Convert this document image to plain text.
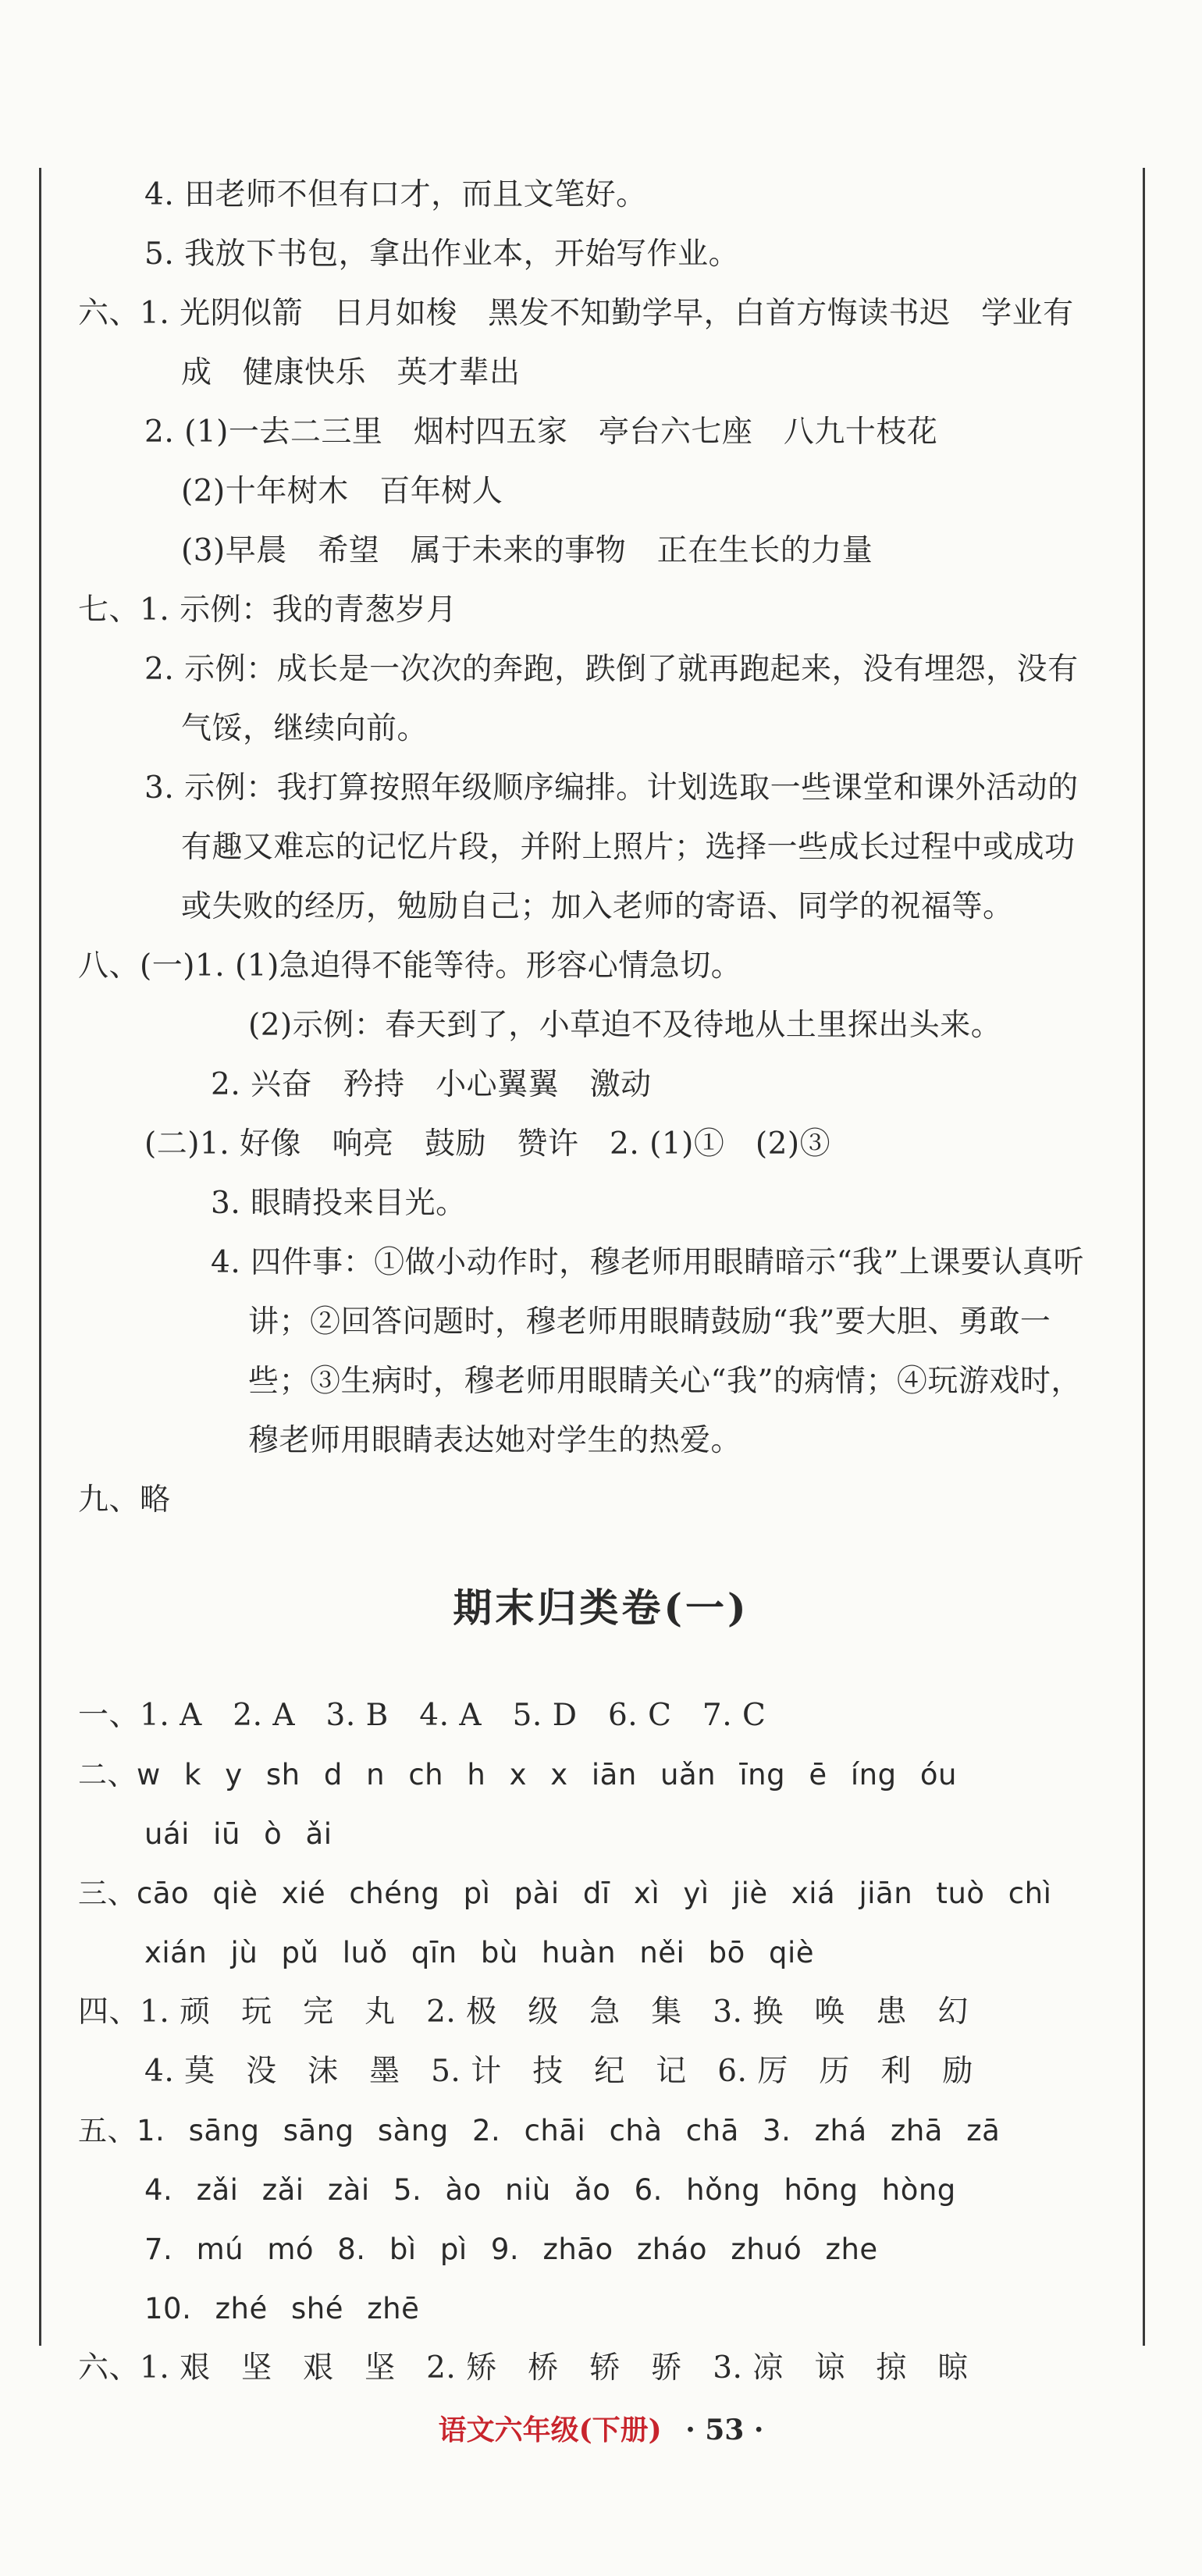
4. 田老师不但有口才，而且文笔好。
5. 我放下书包，拿出作业本，开始写作业。
六、1. 光阴似箭　日月如梭　黑发不知勤学早，白首方悔读书迟　学业有
成　健康快乐　英才辈出
2. (1)一去二三里　烟村四五家　亭台六七座　八九十枝花
(2)十年树木　百年树人
(3)早晨　希望　属于未来的事物　正在生长的力量
七、1. 示例：我的青葱岁月
2. 示例：成长是一次次的奔跑，跌倒了就再跑起来，没有埋怨，没有
气馁，继续向前。
3. 示例：我打算按照年级顺序编排。计划选取一些课堂和课外活动的
有趣又难忘的记忆片段，并附上照片；选择一些成长过程中或成功
或失败的经历，勉励自己；加入老师的寄语、同学的祝福等。
八、(一)1. (1)急迫得不能等待。形容心情急切。
(2)示例：春天到了，小草迫不及待地从土里探出头来。
2. 兴奋　矜持　小心翼翼　激动
(二)1. 好像　响亮　鼓励　赞许　2. (1)①　(2)③
3. 眼睛投来目光。
4. 四件事：①做小动作时，穆老师用眼睛暗示“我”上课要认真听
讲；②回答问题时，穆老师用眼睛鼓励“我”要大胆、勇敢一
些；③生病时，穆老师用眼睛关心“我”的病情；④玩游戏时，
穆老师用眼睛表达她对学生的热爱。
九、略
期末归类卷(一)
一、1. A　2. A　3. B　4. A　5. D　6. C　7. C
二、w k y sh d n ch h x x iān uǎn īng ē íng óu
uái iū ò ǎi
三、cāo qiè xié chéng pì pài dī xì yì jiè xiá jiān tuò chì
xián jù pǔ luǒ qīn bù huàn něi bō qiè
四、1. 顽　玩　完　丸　2. 极　级　急　集　3. 换　唤　患　幻
4. 莫　没　沫　墨　5. 计　技　纪　记　6. 厉　历　利　励
五、1. sāng sāng sàng 2. chāi chà chā 3. zhá zhā zā
4. zǎi zǎi zài 5. ào niù ǎo 6. hǒng hōng hòng
7. mú mó 8. bì pì 9. zhāo zháo zhuó zhe
10. zhé shé zhē
六、1. 艰　坚　艰　坚　2. 矫　桥　轿　骄　3. 凉　谅　掠　晾
语文六年级(下册) · 53 ·
